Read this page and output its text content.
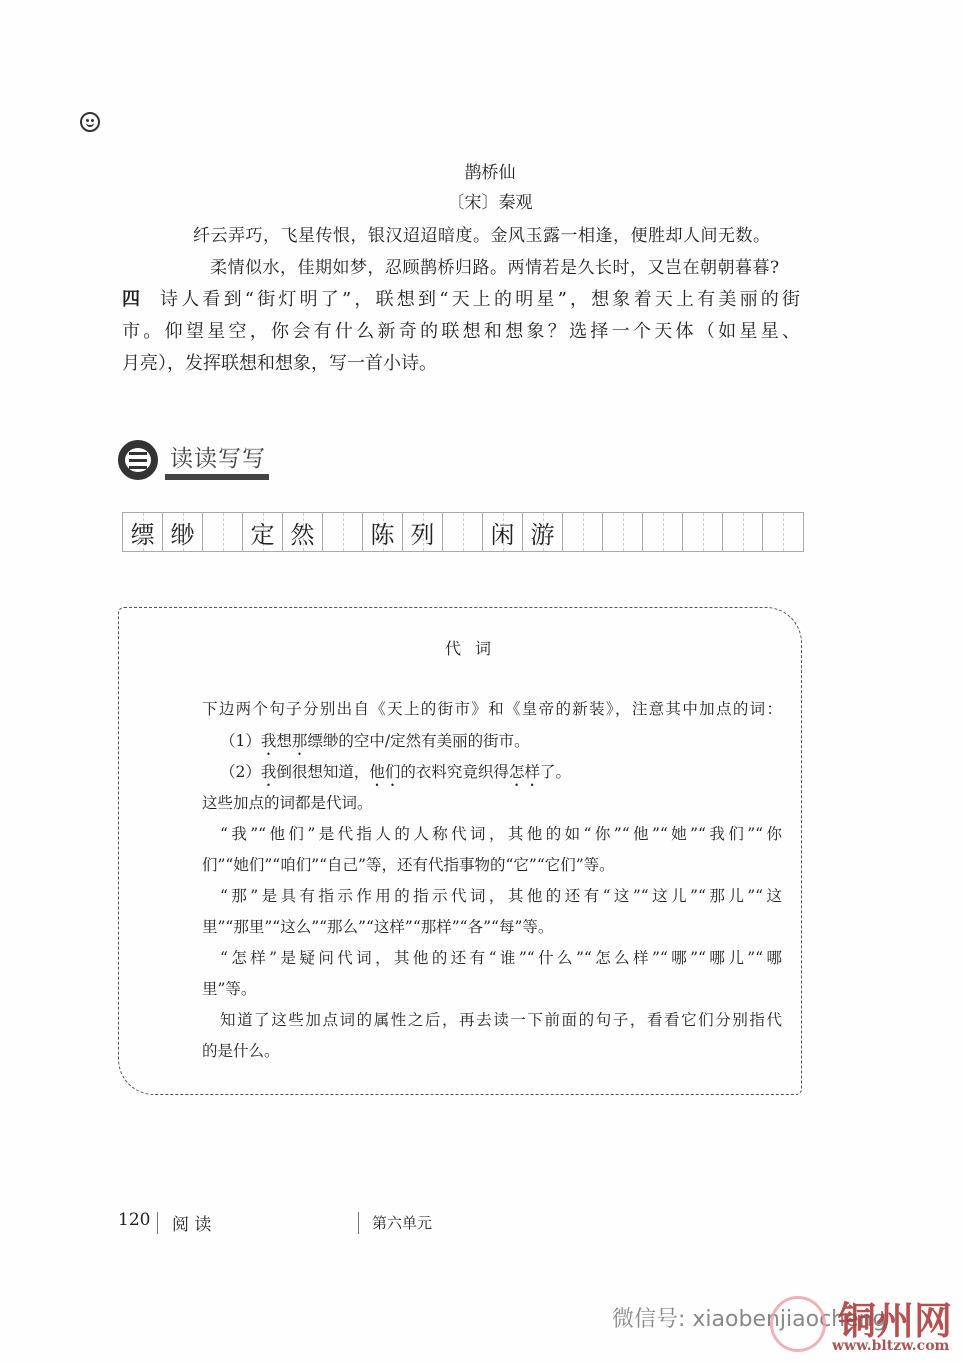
鹊桥仙
〔宋〕秦观
纤云弄巧，飞星传恨，银汉迢迢暗度。金风玉露一相逢，便胜却人间无数。
柔情似水，佳期如梦，忍顾鹊桥归路。两情若是久长时，又岂在朝朝暮暮?
四 诗人看到“街灯明了”，联想到“天上的明星”，想象着天上有美丽的街
市。仰望星空，你会有什么新奇的联想和想象？选择一个天体（如星星、
月亮），发挥联想和想象，写一首小诗。
读读写写
缥 缈 定 然 陈 列 闲 游
代词
下边两个句子分别出自《天上的街市》和《皇帝的新装》，注意其中加点的词：
（1）我想那缥缈的空中/定然有美丽的街市。
（2）我倒很想知道，他们的衣料究竟织得怎样了。
这些加点的词都是代词。
“我”“他们”是代指人的人称代词，其他的如“你”“他”“她”“我们”“你
们”“她们”“咱们”“自己”等，还有代指事物的“它”“它们”等。
“那”是具有指示作用的指示代词，其他的还有“这”“这儿”“那儿”“这
里”“那里”“这么”“那么”“这样”“那样”“各”“每”等。
“怎样”是疑问代词，其他的还有“谁”“什么”“怎么样”“哪”“哪儿”“哪
里”等。
知道了这些加点词的属性之后，再去读一下前面的句子，看看它们分别指代
的是什么。
120 阅 读	第六单元
微信号: xiaobenjiaocheng
铜州网
www.bltzw.com
